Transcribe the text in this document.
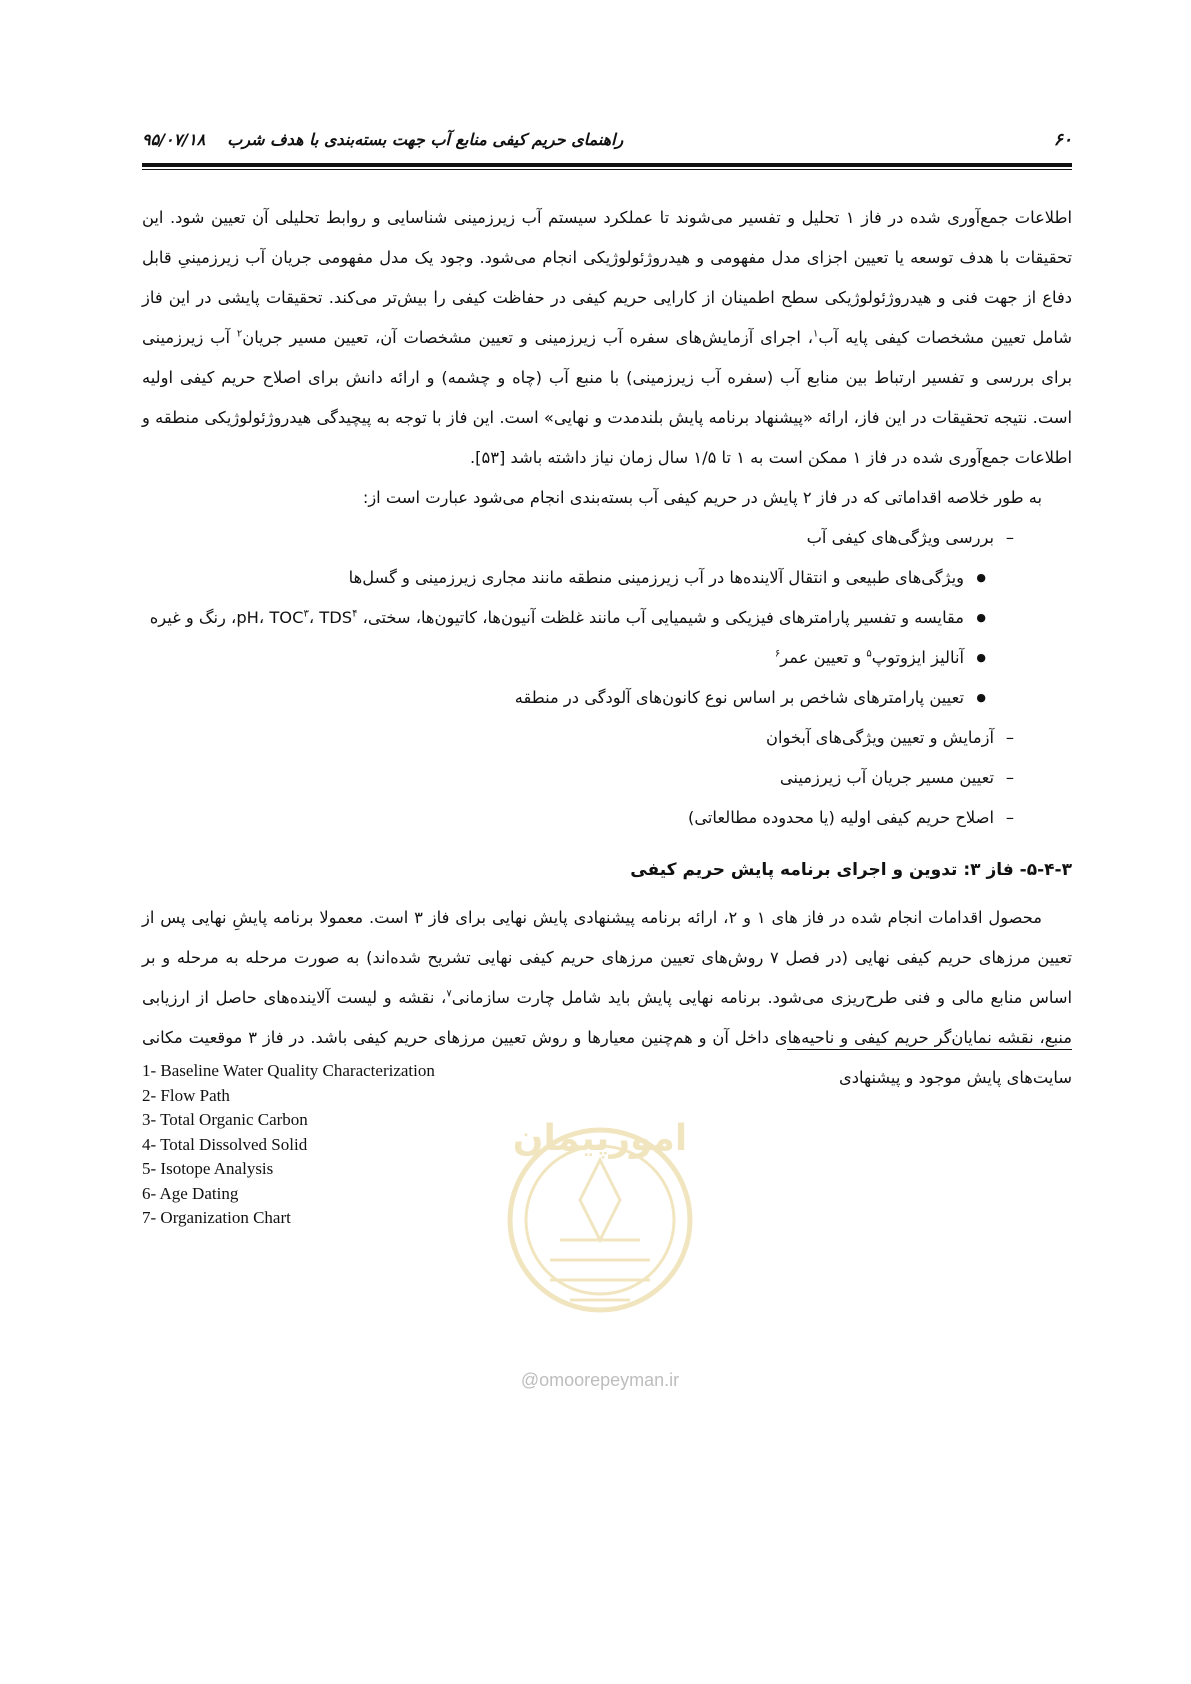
۶۰
راهنمای حریم کیفی منابع آب جهت بسته‌بندی با هدف شرب
۹۵/۰۷/۱۸

اطلاعات جمع‌آوری شده در فاز ۱ تحلیل و تفسیر می‌شوند تا عملکرد سیستم آب زیرزمینی شناسایی و روابط تحلیلی آن تعیین شود. این تحقیقات با هدف توسعه یا تعیین اجزای مدل مفهومی و هیدروژئولوژیکی انجام می‌شود. وجود یک مدل مفهومی جریان آب زیرزمینیِ قابل دفاع از جهت فنی و هیدروژئولوژیکی سطح اطمینان از کارایی حریم کیفی در حفاظت کیفی را بیش‌تر می‌کند. تحقیقات پایشی در این فاز شامل تعیین مشخصات کیفی پایه آب$^۱$، اجرای آزمایش‌های سفره آب زیرزمینی و تعیین مشخصات آن، تعیین مسیر جریان$^۲$ آب زیرزمینی برای بررسی و تفسیر ارتباط بین منابع آب (سفره آب زیرزمینی) با منبع آب (چاه و چشمه) و ارائه دانش برای اصلاح حریم کیفی اولیه است. نتیجه تحقیقات در این فاز، ارائه «پیشنهاد برنامه پایش بلندمدت و نهایی» است. این فاز با توجه به پیچیدگی هیدروژئولوژیکی منطقه و اطلاعات جمع‌آوری شده در فاز ۱ ممکن است به ۱ تا ۱/۵ سال زمان نیاز داشته باشد [۵۳].

به طور خلاصه اقداماتی که در فاز ۲ پایش در حریم کیفی آب بسته‌بندی انجام می‌شود عبارت است از:

– بررسی ویژگی‌های کیفی آب
● ویژگی‌های طبیعی و انتقال آلاینده‌ها در آب زیرزمینی منطقه مانند مجاری زیرزمینی و گسل‌ها
● مقایسه و تفسیر پارامترهای فیزیکی و شیمیایی آب مانند غلظت آنیون‌ها، کاتیون‌ها، سختی، pH، TOC$^۳$، TDS$^۴$، رنگ و غیره
● آنالیز ایزوتوپ$^۵$ و تعیین عمر$^۶$
● تعیین پارامترهای شاخص بر اساس نوع کانون‌های آلودگی در منطقه
– آزمایش و تعیین ویژگی‌های آبخوان
– تعیین مسیر جریان آب زیرزمینی
– اصلاح حریم کیفی اولیه (یا محدوده مطالعاتی)
۵-۴-۳- فاز ۳: تدوین و اجرای برنامه پایش حریم کیفی

محصول اقدامات انجام شده در فاز های ۱ و ۲، ارائه برنامه پیشنهادی پایش نهایی برای فاز ۳ است. معمولا برنامه پایشِ نهایی پس از تعیین مرزهای حریم کیفی نهایی (در فصل ۷ روش‌های تعیین مرزهای حریم کیفی نهایی تشریح شده‌اند) به صورت مرحله به مرحله و بر اساس منابع مالی و فنی طرح‌ریزی می‌شود. برنامه نهایی پایش باید شامل چارت سازمانی$^۷$، نقشه و لیست آلاینده‌های حاصل از ارزیابی منبع، نقشه نمایان‌گر حریم کیفی و ناحیه‌های داخل آن و هم‌چنین معیارها و روش تعیین مرزهای حریم کیفی باشد. در فاز ۳ موقعیت مکانی سایت‌های پایش موجود و پیشنهادی

امورپیمان
@omoorepeyman.ir
1- Baseline Water Quality Characterization
2- Flow Path
3- Total Organic Carbon
4- Total Dissolved Solid
5- Isotope Analysis
6- Age Dating
7- Organization Chart
